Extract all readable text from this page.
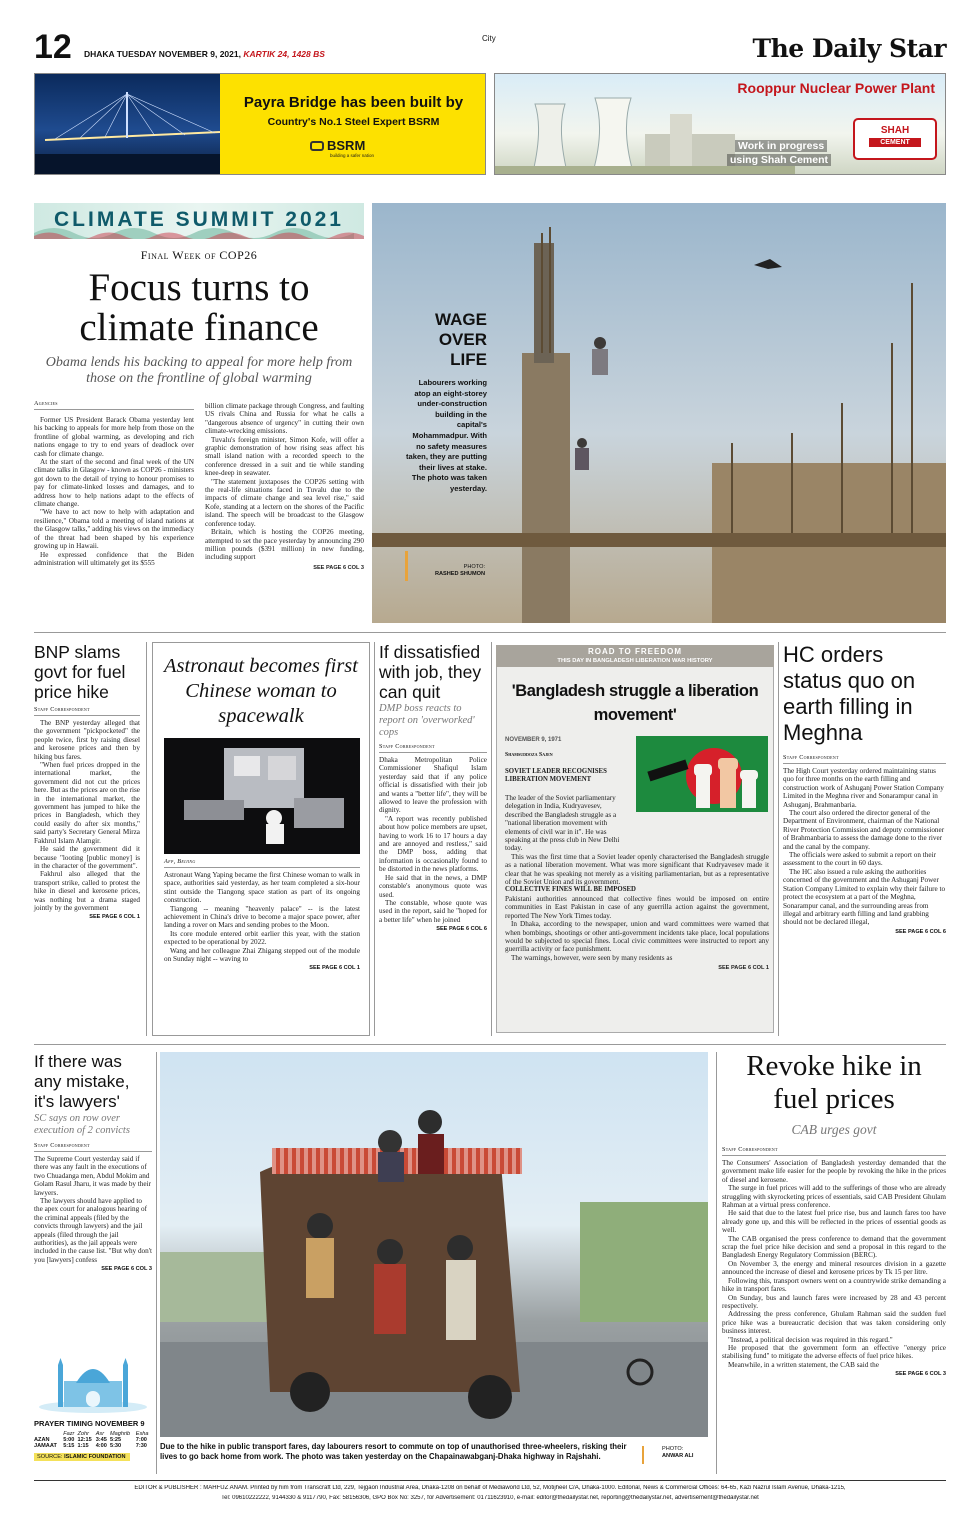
12 DHAKA TUESDAY NOVEMBER 9, 2021, KARTIK 24, 1428 BS
City	The Daily Star
Payra Bridge has been built by
Country's No.1 Steel Expert BSRM
BSRM
building a safer nation
Rooppur Nuclear Power Plant
SHAH
CEMENT
Work in progress
using Shah Cement
CLIMATE SUMMIT 2021
Final Week of COP26
Focus turns to climate finance
Obama lends his backing to appeal for more help from those on the frontline of global warming
Agencies

Former US President Barack Obama yesterday lent his backing to appeals for more help from those on the frontline of global warming, as developing and rich nations engage to try to end years of deadlock over cash for climate change.

At the start of the second and final week of the UN climate talks in Glasgow - known as COP26 - ministers got down to the detail of trying to honour promises to pay for climate-linked losses and damages, and to address how to help nations adapt to the effects of climate change.

"We have to act now to help with adaptation and resilience," Obama told a meeting of island nations at the Glasgow talks," adding his views on the immediacy of the threat had been shaped by his experience growing up in Hawaii.

He expressed confidence that the Biden administration will ultimately get its $555

billion climate package through Congress, and faulting US rivals China and Russia for what he calls a "dangerous absence of urgency" in cutting their own climate-wrecking emissions.

Tuvalu's foreign minister, Simon Kofe, will offer a graphic demonstration of how rising seas affect his small island nation with a recorded speech to the conference dressed in a suit and tie while standing knee-deep in seawater.

"The statement juxtaposes the COP26 setting with the real-life situations faced in Tuvalu due to the impacts of climate change and sea level rise," said Kofe, standing at a lectern on the shores of the Pacific island. The speech will be broadcast to the Glasgow conference today.

Britain, which is hosting the COP26 meeting, attempted to set the pace yesterday by announcing 290 million pounds ($391 million) in new funding, including support

SEE PAGE 6 COL 3
WAGE
OVER
LIFE
Labourers working atop an eight-storey under-construction building in the capital's Mohammadpur. With no safety measures taken, they are putting their lives at stake. The photo was taken yesterday.
PHOTO:
RASHED SHUMON
BNP slams govt for fuel price hike
Staff Correspondent

The BNP yesterday alleged that the government "pickpocketed" the people twice, first by raising diesel and kerosene prices and then by hiking bus fares.

"When fuel prices dropped in the international market, the government did not cut the prices here. But as the prices are on the rise in the international market, the government has jumped to hike the prices in Bangladesh, which they could easily do after six months," said party's Secretary General Mirza Fakhrul Islam Alamgir.

He said the government did it because "looting [public money] is in the character of the government".

Fakhrul also alleged that the transport strike, called to protest the hike in diesel and kerosene prices, was nothing but a drama staged jointly by the government

SEE PAGE 6 COL 1
Astronaut becomes first Chinese woman to spacewalk
Afp, Beijing

Astronaut Wang Yaping became the first Chinese woman to walk in space, authorities said yesterday, as her team completed a six-hour stint outside the Tiangong space station as part of its ongoing construction.

Tiangong -- meaning "heavenly palace" -- is the latest achievement in China's drive to become a major space power, after landing a rover on Mars and sending probes to the Moon.

Its core module entered orbit earlier this year, with the station expected to be operational by 2022.

Wang and her colleague Zhai Zhigang stepped out of the module on Sunday night -- waving to

SEE PAGE 6 COL 1
If dissatisfied with job, they can quit
DMP boss reacts to report on 'overworked' cops
Staff Correspondent

Dhaka Metropolitan Police Commissioner Shafiqul Islam yesterday said that if any police official is dissatisfied with their job and wants a "better life", they will be allowed to leave the profession with dignity.

"A report was recently published about how police members are upset, having to work 16 to 17 hours a day and are annoyed and restless," said the DMP boss, adding that information is occasionally found to be distorted in the news platforms.

He said that in the news, a DMP constable's anonymous quote was used.

The constable, whose quote was used in the report, said he "hoped for a better life" when he joined

SEE PAGE 6 COL 6
ROAD TO FREEDOM
THIS DAY IN BANGLADESH LIBERATION WAR HISTORY
'Bangladesh struggle a liberation movement'
NOVEMBER 9, 1971
Shamsuddoza Sajen
SOVIET LEADER RECOGNISES LIBERATION MOVEMENT

The leader of the Soviet parliamentary delegation in India, Kudryavesev, described the Bangladesh struggle as a "national liberation movement with elements of civil war in it". He was speaking at the press club in New Delhi today.

This was the first time that a Soviet leader openly characterised the Bangladesh struggle as a national liberation movement. What was more significant that Kudryavesev made it clear that he was speaking not merely as a visiting parliamentarian, but as a representative of the Soviet Union and its government.

COLLECTIVE FINES WILL BE IMPOSED

Pakistani authorities announced that collective fines would be imposed on entire communities in East Pakistan in case of any guerrilla action against the government, reported The New York Times today.

In Dhaka, according to the newspaper, union and ward committees were warned that when bombings, shootings or other anti-government incidents take place, local populations would be subjected to special fines. Local civic committees were instructed to report any guerrilla activity or face punishment.

The warnings, however, were seen by many residents as

SEE PAGE 6 COL 1
HC orders status quo on earth filling in Meghna
Staff Correspondent

The High Court yesterday ordered maintaining status quo for three months on the earth filling and construction work of Ashuganj Power Station Company Limited in the Meghna river and Sonarampur canal in Ashuganj, Brahmanbaria.

The court also ordered the director general of the Department of Environment, chairman of the National River Protection Commission and deputy commissioner of Brahmanbaria to assess the damage done to the river and the canal by the company.

The officials were asked to submit a report on their assessment to the court in 60 days.

The HC also issued a rule asking the authorities concerned of the government and the Ashuganj Power Station Company Limited to explain why their failure to protect the ecosystem at a part of the Meghna, Sonarampur canal, and the surrounding areas from illegal and arbitrary earth filling and land grabbing should not be declared illegal,

SEE PAGE 6 COL 6
If there was any mistake, it's lawyers'
SC says on row over execution of 2 convicts
Staff Correspondent

The Supreme Court yesterday said if there was any fault in the executions of two Chuadanga men, Abdul Mokim and Golam Rasul Jharu, it was made by their lawyers.

The lawyers should have applied to the apex court for analogous hearing of the criminal appeals (filed by the convicts through lawyers) and the jail appeals (filed through the jail authorities), as the jail appeals were included in the cause list. "But why don't you [lawyers] confess

SEE PAGE 6 COL 3
PRAYER TIMING NOVEMBER 9
	Fazr	Zohr	Asr	Maghrib	Esha
AZAN	5:00	12:15	3:45	5:25	7:00
JAMAAT	5:15	1:15	4:00	5:30	7:30
SOURCE: ISLAMIC FOUNDATION
Due to the hike in public transport fares, day labourers resort to commute on top of unauthorised three-wheelers, risking their lives to go back home from work. The photo was taken yesterday on the Chapainawabganj-Dhaka highway in Rajshahi.
PHOTO:
ANWAR ALI
Revoke hike in fuel prices
CAB urges govt
Staff Correspondent

The Consumers' Association of Bangladesh yesterday demanded that the government make life easier for the people by revoking the hike in the prices of diesel and kerosene.

The surge in fuel prices will add to the sufferings of those who are already struggling with skyrocketing prices of essentials, said CAB President Ghulam Rahman at a virtual press conference.

He said that due to the latest fuel price rise, bus and launch fares too have already gone up, and this will be reflected in the prices of essential goods as well.

The CAB organised the press conference to demand that the government scrap the fuel price hike decision and send a proposal in this regard to the Bangladesh Energy Regulatory Commission (BERC).

On November 3, the energy and mineral resources division in a gazette announced the increase of diesel and kerosene prices by Tk 15 per litre.

Following this, transport owners went on a countrywide strike demanding a hike in transport fares.

On Sunday, bus and launch fares were increased by 28 and 43 percent respectively.

Addressing the press conference, Ghulam Rahman said the sudden fuel price hike was a bureaucratic decision that was taken considering only business interest.

"Instead, a political decision was required in this regard."

He proposed that the government form an effective "energy price stabilising fund" to mitigate the adverse effects of fuel price hikes.

Meanwhile, in a written statement, the CAB said the

SEE PAGE 6 COL 3
EDITOR & PUBLISHER : MAHFUZ ANAM. Printed by him from Transcraft Ltd, 229, Tejgaon Industrial Area, Dhaka-1208 on behalf of Mediaworld Ltd, 52, Motijheel C/A, Dhaka-1000. Editorial, News & Commercial Offices: 64-65, Kazi Nazrul Islam Avenue, Dhaka-1215,
Tel: 09610222222, 9144330 & 9117790, Fax: 58156306, GPO Box No: 3257, for Advertisement: 01711623910, e-mail: editor@thedailystar.net, reporting@thedailystar.net, advertisement@thedailystar.net
